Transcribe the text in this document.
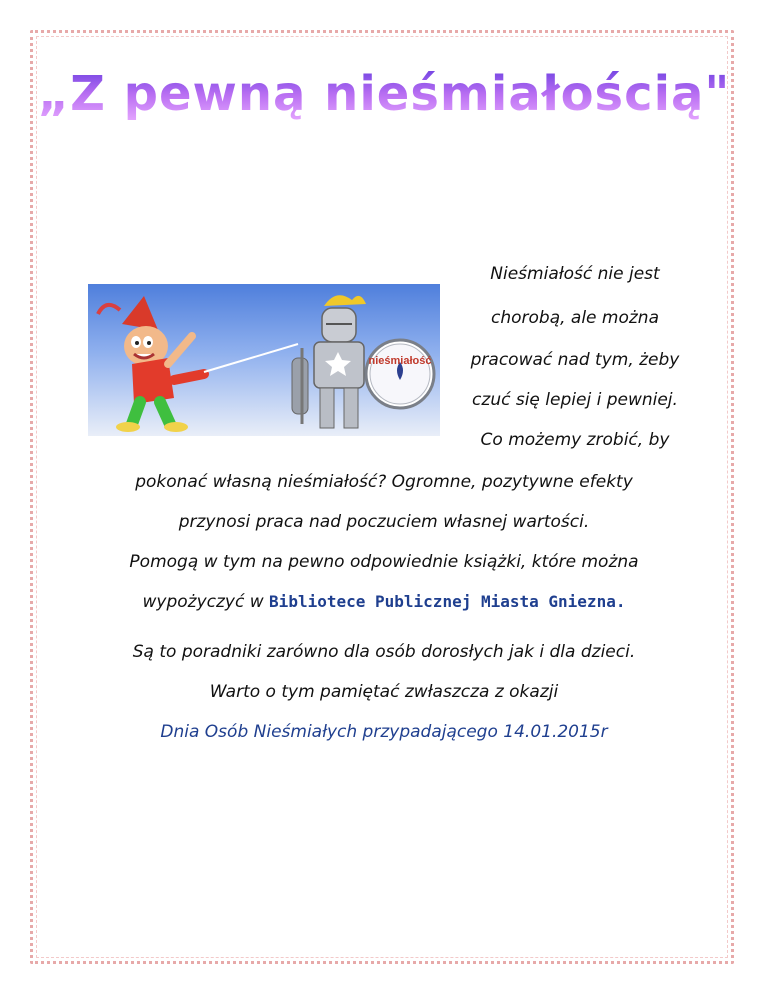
„Z pewną nieśmiałością"
nieśmiałość
Nieśmiałość nie jest
chorobą, ale można
pracować nad tym, żeby
czuć się lepiej i pewniej.
Co możemy zrobić, by
pokonać własną nieśmiałość? Ogromne, pozytywne efekty
przynosi praca nad poczuciem własnej wartości.
Pomogą w tym na pewno odpowiednie książki, które można
wypożyczyć w Bibliotece Publicznej Miasta Gniezna.
Są to poradniki zarówno dla osób dorosłych jak i dla dzieci.
Warto o tym pamiętać zwłaszcza z okazji
Dnia Osób Nieśmiałych przypadającego 14.01.2015r
